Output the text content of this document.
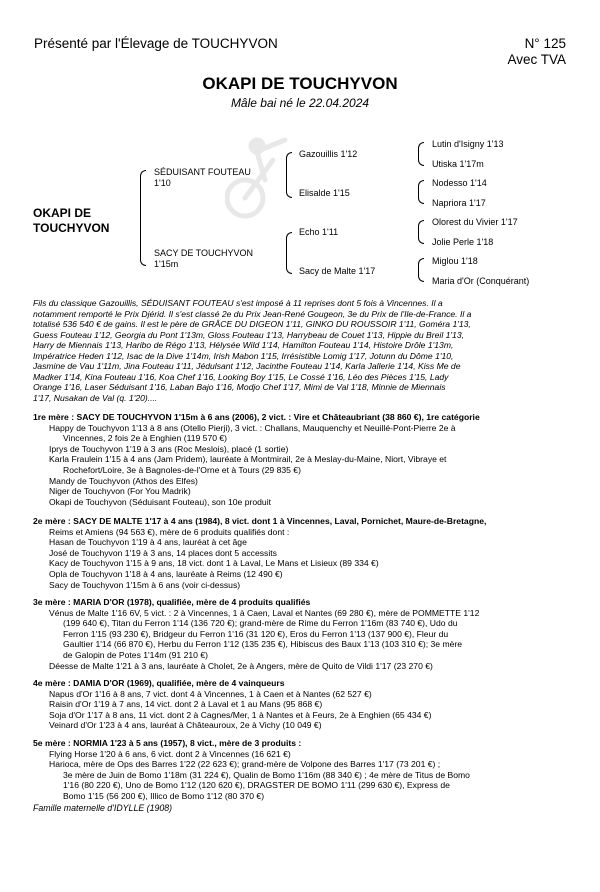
Présenté par l'Élevage de TOUCHYVON	N° 125
Avec TVA
OKAPI DE TOUCHYVON
Mâle bai né le 22.04.2024
OKAPI DE
TOUCHYVON
SÉDUISANT FOUTEAU
1'10
SACY DE TOUCHYVON
1'15m
Gazouillis 1'12
Elisalde 1'15
Echo 1'11
Sacy de Malte 1'17
Lutin d'Isigny 1'13
Utiska 1'17m
Nodesso 1'14
Napriora 1'17
Olorest du Vivier 1'17
Jolie Perle 1'18
Miglou 1'18
Maria d'Or (Conquérant)
Fils du classique Gazouillis, SÉDUISANT FOUTEAU s'est imposé à 11 reprises dont 5 fois à Vincennes. Il a
notamment remporté le Prix Djérid. Il s'est classé 2e du Prix Jean-René Gougeon, 3e du Prix de l'Ile-de-France. Il a
totalisé 536 540 € de gains. Il est le père de GRÂCE DU DIGEON 1'11, GINKO DU ROUSSOIR 1'11, Goméra 1'13,
Guess Fouteau 1'12, Georgia du Pont 1'13m, Gloss Fouteau 1'13, Harrybeau de Couet 1'13, Hippie du Breil 1'13,
Harry de Miennais 1'13, Haribo de Régo 1'13, Hélysée Wild 1'14, Hamilton Fouteau 1'14, Histoire Drôle 1'13m,
Impératrice Heden 1'12, Isac de la Dive 1'14m, Irish Mabon 1'15, Irrésistible Lomig 1'17, Jotunn du Dôme 1'10,
Jasmine de Vau 1'11m, Jina Fouteau 1'11, Jédulsant 1'12, Jacinthe Fouteau 1'14, Karla Jallerie 1'14, Kiss Me de
Madker 1'14, Kina Fouteau 1'16, Koa Chef 1'16, Looking Boy 1'15, Le Cossé 1'16, Léo des Pièces 1'15, Lady
Orange 1'16, Laser Séduisant 1'16, Laban Bajo 1'16, Modjo Chef 1'17, Mimi de Val 1'18, Minnie de Miennais
1'17, Nusakan de Val (q. 1'20)....
1re mère : SACY DE TOUCHYVON 1'15m à 6 ans (2006), 2 vict. : Vire et Châteaubriant (38 860 €), 1re catégorie
Happy de Touchyvon 1'13 à 8 ans (Otello Pierji), 3 vict. : Challans, Mauquenchy et Neuillé-Pont-Pierre 2e à
Vincennes, 2 fois 2e à Enghien (119 570 €)
Iprys de Touchyvon 1'19 à 3 ans (Roc Meslois), placé (1 sortie)
Karla Fraulein 1'15 à 4 ans (Jam Pridem), lauréate à Montmirail, 2e à Meslay-du-Maine, Niort, Vibraye et
Rochefort/Loire, 3e à Bagnoles-de-l'Orne et à Tours (29 835 €)
Mandy de Touchyvon (Athos des Elfes)
Niger de Touchyvon (For You Madrik)
Okapi de Touchyvon (Séduisant Fouteau), son 10e produit
2e mère : SACY DE MALTE 1'17 à 4 ans (1984), 8 vict. dont 1 à Vincennes, Laval, Pornichet, Maure-de-Bretagne,
Reims et Amiens (94 563 €), mère de 6 produits qualifiés dont :
Hasan de Touchyvon 1'19 à 4 ans, lauréat à cet âge
José de Touchyvon 1'19 à 3 ans, 14 places dont 5 accessits
Kacy de Touchyvon 1'15 à 9 ans, 18 vict. dont 1 à Laval, Le Mans et Lisieux (89 334 €)
Opla de Touchyvon 1'18 à 4 ans, lauréate à Reims (12 490 €)
Sacy de Touchyvon 1'15m à 6 ans (voir ci-dessus)
3e mère : MARIA D'OR (1978), qualifiée, mère de 4 produits qualifiés
Vénus de Malte 1'16 6V, 5 vict. : 2 à Vincennes, 1 à Caen, Laval et Nantes (69 280 €), mère de POMMETTE 1'12
(199 640 €), Titan du Ferron 1'14 (136 720 €); grand-mère de Rime du Ferron 1'16m (83 740 €), Udo du
Ferron 1'15 (93 230 €), Bridgeur du Ferron 1'16 (31 120 €), Eros du Ferron 1'13 (137 900 €), Fleur du
Gaultier 1'14 (66 870 €), Herbu du Ferron 1'12 (135 235 €), Hibiscus des Baux 1'13 (103 310 €); 3e mère
de Galopin de Potes 1'14m (91 210 €)
Déesse de Malte 1'21 à 3 ans, lauréate à Cholet, 2e à Angers, mère de Quito de Vildi 1'17 (23 270 €)
4e mère : DAMIA D'OR (1969), qualifiée, mère de 4 vainqueurs
Napus d'Or 1'16 à 8 ans, 7 vict. dont 4 à Vincennes, 1 à Caen et à Nantes (62 527 €)
Raisin d'Or 1'19 à 7 ans, 14 vict. dont 2 à Laval et 1 au Mans (95 868 €)
Soja d'Or 1'17 à 8 ans, 11 vict. dont 2 à Cagnes/Mer, 1 à Nantes et à Feurs, 2e à Enghien (65 434 €)
Veinard d'Or 1'23 à 4 ans, lauréat à Châteauroux, 2e à Vichy (10 049 €)
5e mère : NORMIA 1'23 à 5 ans (1957), 8 vict., mère de 3 produits :
Flying Horse 1'20 à 6 ans, 6 vict. dont 2 à Vincennes (16 621 €)
Harioca, mère de Ops des Barres 1'22 (22 623 €); grand-mère de Volpone des Barres 1'17 (73 201 €) ;
3e mère de Juin de Bomo 1'18m (31 224 €), Qualin de Bomo 1'16m (88 340 €) ; 4e mère de Titus de Bomo
1'16 (80 220 €), Uno de Bomo 1'12 (120 620 €), DRAGSTER DE BOMO 1'11 (299 630 €), Express de
Bomo 1'15 (56 200 €), Illico de Bomo 1'12 (80 370 €)
Famille maternelle d'IDYLLE (1908)
